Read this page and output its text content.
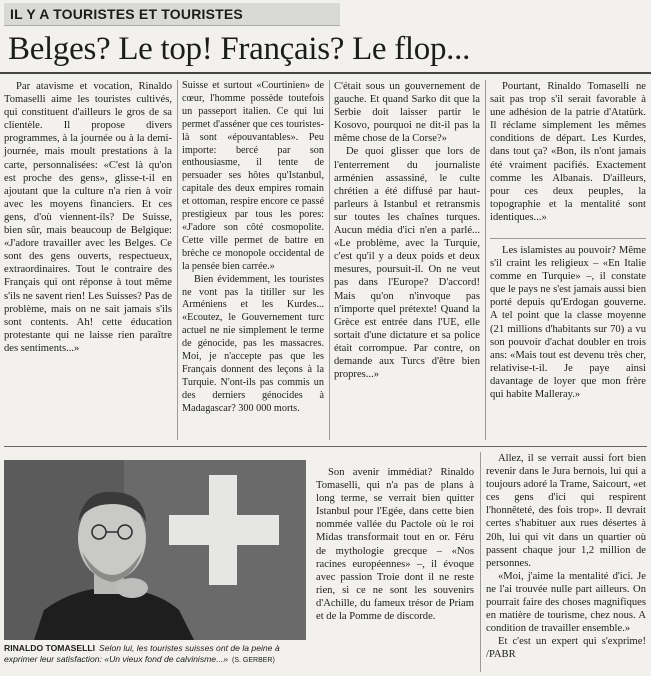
IL Y A TOURISTES ET TOURISTES
Belges? Le top! Français? Le flop...

Par atavisme et vocation, Rinaldo Tomaselli aime les touristes cultivés, qui constituent d'ailleurs le gros de sa clientèle. Il propose divers programmes, à la journée ou à la demi-journée, mais moult prestations à la carte, personnalisées: «C'est là qu'on est proche des gens», glisse-t-il en ajoutant que la culture n'a rien à voir avec les moyens financiers. Et ces gens, d'où viennent-ils? De Suisse, bien sûr, mais beaucoup de Belgique: «J'adore travailler avec les Belges. Ce sont des gens ouverts, respectueux, extraordinaires. Tout le contraire des Français qui ont réponse à tout même s'ils ne savent rien! Les Suisses? Pas de problème, mais on ne sait jamais s'ils sont contents. Ah! cette éducation protestante qui ne laisse rien paraître des sentiments...»

Suisse et surtout «Courtinien» de cœur, l'homme possède toutefois un passeport italien. Ce qui lui permet d'asséner que ces touristes-là sont «épouvantables». Peu importe: bercé par son enthousiasme, il tente de persuader ses hôtes qu'Istanbul, capitale des deux empires romain et ottoman, respire encore ce passé prestigieux par tous les pores: «J'adore son côté cosmopolite. Cette ville permet de battre en brèche ce monopole occidental de la pensée bien carrée.»

Bien évidemment, les touristes ne vont pas la titiller sur les Arméniens et les Kurdes... «Ecoutez, le Gouvernement turc actuel ne nie simplement le terme de génocide, pas les massacres. Moi, je n'accepte pas que les Français donnent des leçons à la Turquie. N'ont-ils pas commis un des derniers génocides à Madagascar? 300 000 morts.

C'était sous un gouvernement de gauche. Et quand Sarko dit que la Serbie doit laisser partir le Kosovo, pourquoi ne dit-il pas la même chose de la Corse?»

De quoi glisser que lors de l'enterrement du journaliste arménien assassiné, le culte chrétien a été diffusé par haut-parleurs à Istanbul et retransmis sur toutes les chaînes turques. Aucun média d'ici n'en a parlé... «Le problème, avec la Turquie, c'est qu'il y a deux poids et deux mesures, poursuit-il. On ne veut pas dans l'Europe? D'accord! Mais qu'on n'invoque pas n'importe quel prétexte! Quand la Grèce est entrée dans l'UE, elle sortait d'une dictature et sa police était corrompue. Par contre, on demande aux Turcs d'être bien propres...»

Pourtant, Rinaldo Tomaselli ne sait pas trop s'il serait favorable à une adhésion de la patrie d'Atatürk. Il réclame simplement les mêmes conditions de départ. Les Kurdes, dans tout ça? «Bon, ils n'ont jamais été vraiment pacifiés. Exactement comme les Albanais. D'ailleurs, pour ces deux peuples, la topographie et la mentalité sont identiques...»

Les islamistes au pouvoir? Même s'il craint les religieux – «En Italie comme en Turquie» –, il constate que le pays ne s'est jamais aussi bien porté depuis qu'Erdogan gouverne. A tel point que la classe moyenne (21 millions d'habitants sur 70) a vu son pouvoir d'achat doubler en trois ans: «Mais tout est devenu très cher, relativise-t-il. Je paye ainsi davantage de loyer que mon frère qui habite Malleray.»

RINALDO TOMASELLI Selon lui, les touristes suisses ont de la peine à exprimer leur satisfaction: «Un vieux fond de calvinisme...» (S. GERBER)

Son avenir immédiat? Rinaldo Tomaselli, qui n'a pas de plans à long terme, se verrait bien quitter Istanbul pour l'Egée, dans cette bien nommée vallée du Pactole où le roi Midas transformait tout en or. Féru de mythologie grecque – «Nos racines européennes» –, il évoque avec passion Troie dont il ne reste rien, si ce ne sont les souvenirs d'Achille, du fameux trésor de Priam et de la Pomme de discorde.

Allez, il se verrait aussi fort bien revenir dans le Jura bernois, lui qui a toujours adoré la Trame, Saicourt, «et ces gens d'ici qui respirent l'honnêteté, des fois trop». Il devrait certes s'habituer aux rues désertes à 20h, lui qui vit dans un quartier où passent chaque jour 1,2 million de personnes.

«Moi, j'aime la mentalité d'ici. Je ne l'ai trouvée nulle part ailleurs. On pourrait faire des choses magnifiques en matière de tourisme, chez nous. A condition de travailler ensemble.»

Et c'est un expert qui s'exprime! /PABR
